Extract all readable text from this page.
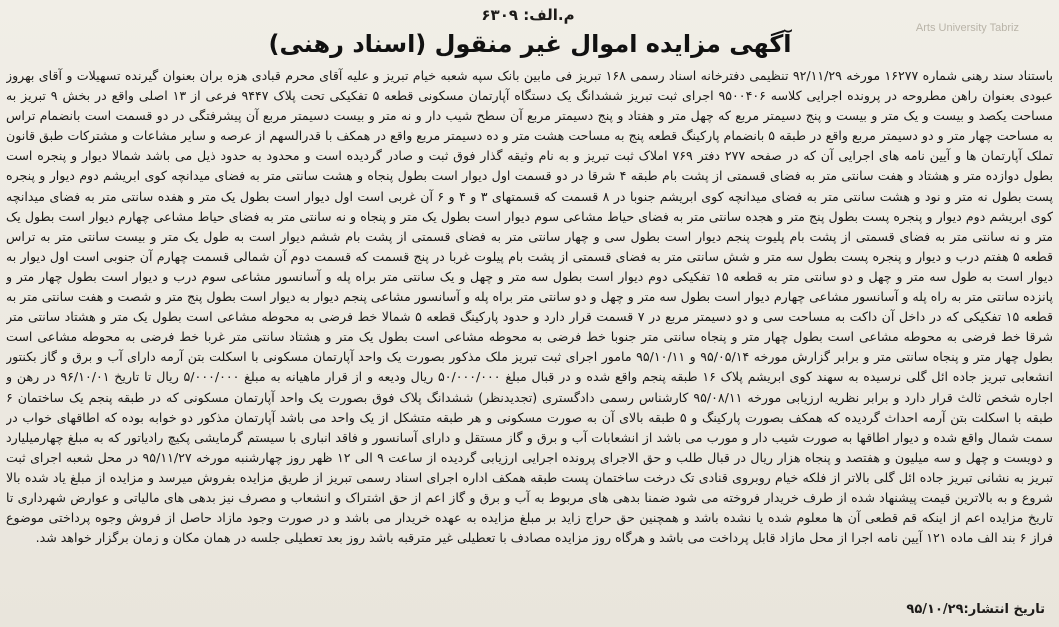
Arts University Tabriz
م.الف: ۶۳۰۹
آگهی مزایده اموال غیر منقول (اسناد رهنی)
باستناد سند رهنی شماره ۱۶۲۷۷ مورخه ۹۲/۱۱/۲۹ تنظیمی دفترخانه اسناد رسمی ۱۶۸ تبریز فی مابین بانک سپه شعبه خیام تبریز و علیه آقای محرم قبادی هزه بران بعنوان گیرنده تسهیلات و آقای بهروز عبودی بعنوان راهن مطروحه در پرونده اجرایی کلاسه ۹۵۰۰۴۰۶ اجرای ثبت تبریز ششدانگ یک دستگاه آپارتمان مسکونی قطعه ۵ تفکیکی تحت پلاک ۹۴۴۷ فرعی از ۱۳ اصلی واقع در بخش ۹ تبریز به مساحت یکصد و بیست و یک متر و بیست و پنج دسیمتر مربع که چهل متر و هفتاد و پنج دسیمتر مربع آن سطح شیب دار و نه متر و بیست دسیمتر مربع آن پیشرفتگی در دو قسمت است بانضمام تراس به مساحت چهار متر و دو دسیمتر مربع واقع در طبقه ۵ بانضمام پارکینگ قطعه پنج به مساحت هشت متر و ده دسیمتر مربع واقع در همکف با قدرالسهم از عرصه و سایر مشاعات و مشترکات طبق قانون تملک آپارتمان ها و آیین نامه های اجرایی آن که در صفحه ۲۷۷ دفتر ۷۶۹ املاک ثبت تبریز و به نام وثیقه گذار فوق ثبت و صادر گردیده است و محدود به حدود ذیل می باشد شمالا دیوار و پنجره است بطول دوازده متر و هشتاد و هفت سانتی متر به فضای قسمتی از پشت بام طبقه ۴ شرقا در دو قسمت اول دیوار است بطول پنجاه و هشت سانتی متر به فضای میدانچه کوی ابریشم دوم دیوار و پنجره پست بطول نه متر و نود و هشت سانتی متر به فضای میدانچه کوی ابریشم جنوبا در ۸ قسمت که قسمتهای ۳ و ۴ و ۶ آن غربی است اول دیوار است بطول یک متر و هفده سانتی متر به فضای میدانچه کوی ابریشم دوم دیوار و پنجره پست بطول پنج متر و هجده سانتی متر به فضای حیاط مشاعی سوم دیوار است بطول یک متر و پنجاه و نه سانتی متر به فضای حیاط مشاعی چهارم دیوار است بطول یک متر و نه سانتی متر به فضای قسمتی از پشت بام پلیوت پنجم دیوار است بطول سی و چهار سانتی متر به فضای قسمتی از پشت بام ششم دیوار است به طول یک متر و بیست سانتی متر به تراس قطعه ۵ هفتم درب و دیوار و پنجره پست بطول سه متر و شش سانتی متر به فضای قسمتی از پشت بام پیلوت غربا در پنج قسمت که قسمت دوم آن شمالی قسمت چهارم آن جنوبی است اول دیوار به دیوار است به طول سه متر و چهل و دو سانتی متر به قطعه ۱۵ تفکیکی دوم دیوار است بطول سه متر و چهل و یک سانتی متر براه پله و آسانسور مشاعی سوم درب و دیوار است بطول چهار متر و پانزده سانتی متر به راه پله و آسانسور مشاعی چهارم دیوار است بطول سه متر و چهل و دو سانتی متر براه پله و آسانسور مشاعی پنجم دیوار به دیوار است بطول پنج متر و شصت و هفت سانتی متر به قطعه ۱۵ تفکیکی که در داخل آن داکت به مساحت سی و دو دسیمتر مربع در ۷ قسمت قرار دارد و حدود پارکینگ قطعه ۵ شمالا خط فرضی به محوطه مشاعی است بطول یک متر و هشتاد سانتی متر شرقا خط فرضی به محوطه مشاعی است بطول چهار متر و پنجاه سانتی متر جنوبا خط فرضی به محوطه مشاعی است بطول یک متر و هشتاد سانتی متر غربا خط فرضی به محوطه مشاعی است بطول چهار متر و پنجاه سانتی متر و برابر گزارش مورخه ۹۵/۰۵/۱۴ و ۹۵/۱۰/۱۱ مامور اجرای ثبت تبریز ملک مذکور بصورت یک واحد آپارتمان مسکونی با اسکلت بتن آرمه دارای آب و برق و گاز بکنتور انشعابی تبریز جاده ائل گلی نرسیده به سهند کوی ابریشم پلاک ۱۶ طبقه پنجم واقع شده و در قبال مبلغ ۵۰/۰۰۰/۰۰۰ ریال ودیعه و از قرار ماهیانه به مبلغ ۵/۰۰۰/۰۰۰ ریال تا تاریخ ۹۶/۱۰/۰۱ در رهن و اجاره شخص ثالث قرار دارد و برابر نظریه ارزیابی مورخه ۹۵/۰۸/۱۱ کارشناس رسمی دادگستری (تجدیدنظر) ششدانگ پلاک فوق بصورت یک واحد آپارتمان مسکونی که در طبقه پنجم یک ساختمان ۶ طبقه با اسکلت بتن آرمه احداث گردیده که همکف بصورت پارکینگ و ۵ طبقه بالای آن به صورت مسکونی و هر طبقه متشکل از یک واحد می باشد آپارتمان مذکور دو خوابه بوده که اطاقهای خواب در سمت شمال واقع شده و دیوار اطاقها به صورت شیب دار و مورب می باشد از انشعابات آب و برق و گاز مستقل و دارای آسانسور و فاقد انباری با سیستم گرمایشی پکیچ رادیاتور که به مبلغ چهارمیلیارد و دویست و چهل و سه میلیون و هفتصد و پنجاه هزار ریال در قبال طلب و حق الاجرای پرونده اجرایی ارزیابی گردیده از ساعت ۹ الی ۱۲ ظهر روز چهارشنبه مورخه ۹۵/۱۱/۲۷ در محل شعبه اجرای ثبت تبریز به نشانی تبریز جاده ائل گلی بالاتر از فلکه خیام روبروی قنادی تک درخت ساختمان پست طبقه همکف اداره اجرای اسناد رسمی تبریز از طریق مزایده بفروش میرسد و مزایده از مبلغ یاد شده بالا شروع و به بالاترین قیمت پیشنهاد شده از طرف خریدار فروخته می شود ضمنا بدهی های مربوط به آب و برق و گاز اعم از حق اشتراک و انشعاب و مصرف نیز بدهی های مالیاتی و عوارض شهرداری تا تاریخ مزایده اعم از اینکه قم قطعی آن ها معلوم شده یا نشده باشد و همچنین حق حراج زاید بر مبلغ مزایده به عهده خریدار می باشد و در صورت وجود مازاد حاصل از فروش وجوه پرداختی موضوع فراز ۶ بند الف ماده ۱۲۱ آیین نامه اجرا از محل مازاد قابل پرداخت می باشد و هرگاه روز مزایده مصادف با تعطیلی غیر مترقبه باشد روز بعد تعطیلی جلسه در همان مکان و زمان برگزار خواهد شد.
تاریخ انتشار:۹۵/۱۰/۲۹
